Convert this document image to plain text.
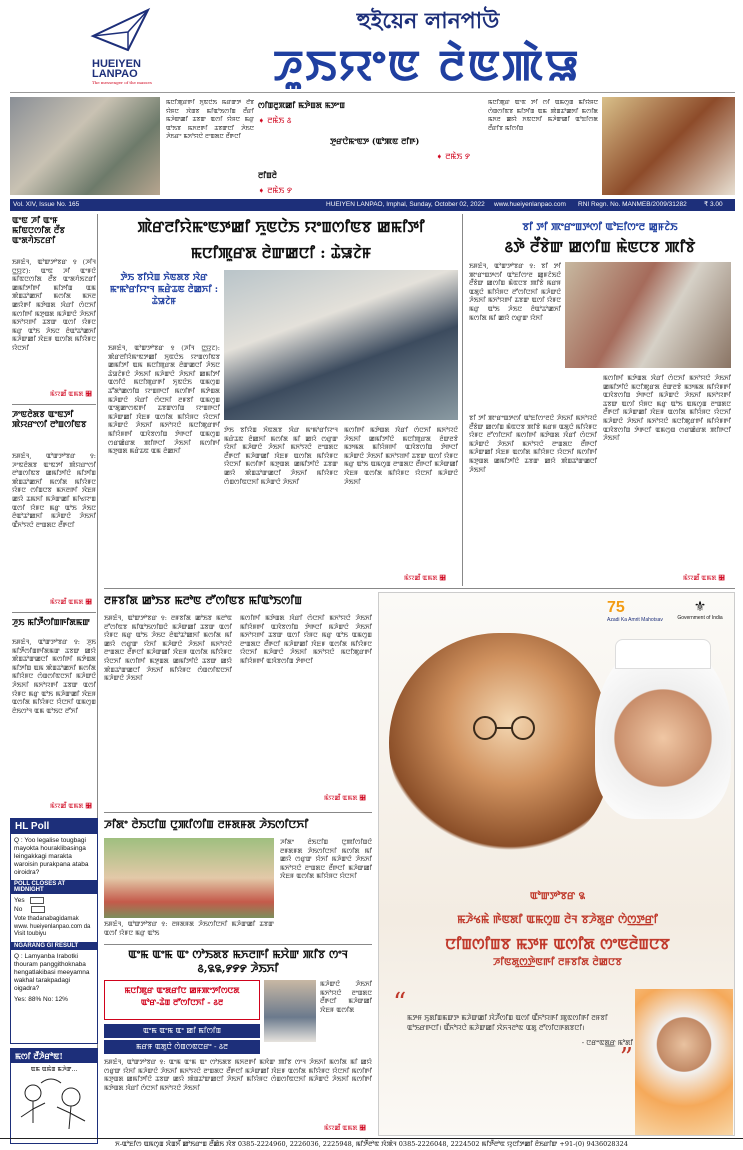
HUEIYEN
LANPAO
The messenger of the masses
হুইয়েন লানপাউ
ꯍꯨꯏꯌꯦꯟ ꯂꯥꯟꯄꯥꯎ
ꯃꯅꯤꯄꯨꯔꯒꯤ ꯈꯨꯟꯅꯥꯏ ꯃꯔꯛꯇ ꯂꯩꯕ ꯌꯥꯝꯅ ꯋꯥꯡꯕ ꯃꯤꯑꯣꯏꯁꯤꯡ ꯂꯩꯔꯤ ꯃꯍꯥꯛꯀꯤ ꯊꯕꯛ ꯑꯁꯤ ꯌꯥꯝꯅ ꯃꯔꯨ ꯑꯣꯏꯕ ꯃꯈꯂꯒꯤ ꯊꯕꯛꯅꯤ ꯍꯥꯏꯅ ꯍꯥꯏꯔꯦ ꯃꯈꯣꯌꯅꯥ ꯂꯦꯡꯗꯅ ꯂꯩꯒꯅꯤ
ꯁꯤꯡꯂꯨꯞꯀꯤ ꯃꯇꯥꯡꯗ ꯃꯇꯦꯡ
➧ ꯂꯃꯥꯏ ꯴
ꯇꯨꯔꯅꯥꯃꯦꯟꯇ (ꯑꯣꯄꯟ ꯂꯤꯒ)
➧ ꯂꯃꯥꯏ ꯸
ꯂꯤꯡꯂꯥ
➧ ꯂꯃꯥꯏ ꯸
ꯃꯅꯤꯄꯨꯔ ꯑꯦꯟ ꯇꯤ ꯁꯤ ꯑꯃꯁꯨꯡ ꯃꯤꯌꯥꯝꯅ ꯁꯥꯡꯁꯤꯟꯕ ꯃꯤꯇꯤꯡ ꯑꯃ ꯄꯥꯡꯊꯣꯀꯈꯤ ꯃꯁꯤꯗ ꯃꯈꯂ ꯀꯌꯥ ꯈꯟꯅꯈꯤ ꯃꯍꯥꯛꯀꯤ ꯑꯣꯐꯤꯁꯗ ꯂꯩꯔꯤꯕ ꯃꯤꯁꯤꯡ
Vol. XIV, Issue No. 165	HUEIYEN LANPAO, Imphal, Sunday, October 02, 2022 www.hueiyenlanpao.com RNI Regn. No. MANMEB/2009/31282	₹ 3.00
ꯑꯦꯟ ꯍꯤ ꯑꯦꯝ ꯃꯤꯟꯅꯁꯤꯗ ꯂꯩꯕ ꯑꯦꯗꯚꯥꯏꯖꯔꯤ
ꯏꯝꯐꯥꯜ, ꯑꯣꯛꯇꯣꯕꯔ ꯱ (ꯍꯤꯜ ꯅ꯭ꯌꯨꯖ): ꯑꯦꯟ ꯍꯤ ꯑꯦꯝꯅꯥ ꯃꯤꯟꯅꯁꯤꯗ ꯂꯩꯕ ꯑꯦꯗꯚꯥꯏꯖꯔꯤ ꯀꯃꯤꯇꯤꯒꯤ ꯃꯤꯇꯤꯡ ꯑꯃ ꯄꯥꯡꯊꯣꯀꯈꯤ ꯃꯁꯤꯗ ꯃꯈꯂ ꯀꯌꯥꯒꯤ ꯃꯇꯥꯡꯗ ꯋꯥꯔꯤ ꯁꯥꯅꯈꯤ ꯃꯁꯤꯒꯤ ꯃꯇꯨꯡꯗ ꯃꯍꯥꯛꯅꯥ ꯍꯥꯏꯈꯤ ꯃꯈꯣꯌꯒꯤ ꯊꯕꯛ ꯑꯁꯤ ꯌꯥꯝꯅ ꯃꯔꯨ ꯑꯣꯏ ꯍꯥꯏꯅ ꯂꯥꯑꯣꯊꯣꯀꯈꯤ ꯃꯍꯥꯛꯀꯤ ꯋꯥꯐꯝ ꯑꯁꯤꯗ ꯃꯤꯌꯥꯝꯅ ꯌꯥꯅꯈꯤ
ꯃꯥꯌꯀꯩ ꯑꯃꯗ ꯼
ꯍꯦꯟꯂꯥꯗꯕ ꯑꯦꯟꯇꯤ ꯄꯥꯌꯔꯦꯁꯤ ꯂꯣꯡꯁꯤꯟꯕ
ꯏꯝꯐꯥꯜ, ꯑꯣꯛꯇꯣꯕꯔ ꯱: ꯍꯦꯟꯂꯥꯗꯕ ꯑꯦꯟꯇꯤ ꯄꯥꯌꯔꯦꯁꯤ ꯂꯣꯡꯁꯤꯟꯕ ꯀꯃꯤꯇꯤꯅꯥ ꯃꯤꯇꯤꯡ ꯄꯥꯡꯊꯣꯀꯈꯤ ꯃꯁꯤꯗ ꯃꯤꯌꯥꯝꯅ ꯌꯥꯝꯅ ꯁꯤꯡꯅꯕ ꯃꯈꯂꯒꯤ ꯋꯥꯐꯝ ꯀꯌꯥ ꯊꯃꯈꯤ ꯃꯍꯥꯛꯀꯤ ꯃꯤꯠꯌꯦꯡ ꯑꯁꯤ ꯌꯥꯝꯅ ꯃꯔꯨ ꯑꯣꯏ ꯍꯥꯏꯅ ꯂꯥꯑꯣꯊꯣꯀꯈꯤ ꯃꯍꯥꯛꯅꯥ ꯍꯥꯏꯈꯤ ꯑꯩꯈꯣꯌꯅꯥ ꯂꯦꯡꯗꯅ ꯂꯩꯒꯅꯤ
ꯃꯥꯌꯀꯩ ꯑꯃꯗ ꯼
ꯍꯨꯏ ꯃꯤꯇꯩꯁꯤꯡꯒꯤꯗꯃꯛ
ꯏꯝꯐꯥꯜ, ꯑꯣꯛꯇꯣꯕꯔ ꯱: ꯍꯨꯏ ꯃꯤꯇꯩꯁꯤꯡꯒꯤꯗꯃꯛ ꯊꯕꯛ ꯀꯌꯥ ꯄꯥꯡꯊꯣꯛꯀꯅꯤ ꯃꯁꯤꯒꯤ ꯃꯇꯥꯡꯗ ꯃꯤꯇꯤꯡ ꯑꯃ ꯄꯥꯡꯊꯣꯀꯈꯤ ꯃꯁꯤꯗ ꯃꯤꯌꯥꯝꯅ ꯁꯥꯡꯁꯤꯟꯅꯈꯤ ꯃꯍꯥꯛꯅꯥ ꯍꯥꯏꯈꯤ ꯃꯈꯣꯌꯒꯤ ꯊꯕꯛ ꯑꯁꯤ ꯌꯥꯝꯅ ꯃꯔꯨ ꯑꯣꯏ ꯃꯍꯥꯛꯀꯤ ꯋꯥꯐꯝ ꯑꯁꯤꯗ ꯃꯤꯌꯥꯝꯅ ꯌꯥꯅꯈꯤ ꯑꯃꯁꯨꯡ ꯂꯥꯏꯁꯣꯜ ꯑꯃ ꯑꯣꯏꯅ ꯂꯧꯈꯤ
ꯃꯥꯌꯀꯩ ꯑꯃꯗ ꯼
HL Poll
Q : Yoo legalise tougbagi mayokta houraklibasinga leingakkagi marakta waroisin purakpana ataba oiroidra?
POLL CLOSES AT MIDNIGHT
Yes
No
Vote thadanabagidamak www. hueiyenlanpao.com da Visit toubiyu
NGARANG GI RESULT
Q : Lamyanba Irabotki thouram panggithoknaba hengatlakibasi meeyamna wakhal tarakpadagi oigadra?
Yes: 88% No: 12%
ꯃꯁꯤ ꯂꯩꯍꯥꯔꯣꯟ!
ꯑꯃ ꯑꯃꯥꯡ ꯃꯍꯥꯛ...
ꯄꯥꯔꯂꯤꯌꯥꯃꯦꯟꯇꯀꯤ ꯈꯨꯟꯅꯥꯏ ꯌꯦꯡꯁꯤꯟꯕ ꯀꯃꯤꯇꯤ
ꯃꯅꯤꯄꯨꯔꯗ ꯂꯥꯛꯀꯅꯤ : ꯊꯥꯎꯖꯥꯝ
ꯇꯥꯏ ꯕꯤꯌꯥꯡ ꯈꯥꯟꯗꯕ ꯋꯥꯔ ꯃꯦꯃꯣꯔꯤꯌꯦꯜ ꯃꯔꯥꯊꯟ ꯂꯥꯀꯈꯤ : ꯊꯥꯎꯖꯥꯝ
ꯏꯝꯐꯥꯜ, ꯑꯣꯛꯇꯣꯕꯔ ꯱ (ꯍꯤꯜ ꯅ꯭ꯌꯨꯖ): ꯄꯥꯔꯂꯤꯌꯥꯃꯦꯟꯇꯀꯤ ꯈꯨꯟꯅꯥꯏ ꯌꯦꯡꯁꯤꯟꯕ ꯀꯃꯤꯇꯤ ꯑꯃ ꯃꯅꯤꯄꯨꯔꯗ ꯂꯥꯛꯀꯅꯤ ꯍꯥꯏꯅ ꯊꯥꯎꯖꯥꯝꯅꯥ ꯍꯥꯏꯈꯤ ꯃꯍꯥꯛꯅꯥ ꯍꯥꯏꯈꯤ ꯀꯃꯤꯇꯤ ꯑꯁꯤꯅꯥ ꯃꯅꯤꯄꯨꯔꯒꯤ ꯈꯨꯟꯅꯥꯏ ꯑꯃꯁꯨꯡ ꯊꯧꯗꯣꯀꯁꯤꯡ ꯌꯦꯡꯒꯅꯤ ꯃꯁꯤꯒꯤ ꯃꯇꯥꯡꯗ ꯃꯍꯥꯛꯅꯥ ꯋꯥꯔꯤ ꯁꯥꯅꯈꯤ ꯂꯝꯕꯤ ꯑꯃꯁꯨꯡ ꯑꯦꯗꯨꯀꯦꯁꯟꯒꯤ ꯊꯕꯛꯁꯤꯡ ꯌꯦꯡꯒꯅꯤ ꯃꯍꯥꯛꯀꯤ ꯋꯥꯐꯝ ꯑꯁꯤꯗ ꯃꯤꯌꯥꯝꯅ ꯌꯥꯅꯈꯤ ꯃꯍꯥꯛꯅꯥ ꯍꯥꯏꯈꯤ ꯃꯈꯣꯌꯅꯥ ꯃꯅꯤꯄꯨꯔꯒꯤ ꯃꯤꯌꯥꯝꯒꯤ ꯑꯋꯥꯕꯁꯤꯡ ꯇꯥꯒꯅꯤ ꯑꯃꯁꯨꯡ ꯁꯔꯀꯥꯔꯗ ꯄꯤꯒꯅꯤ ꯍꯥꯏꯈꯤ ꯃꯁꯤꯒꯤ ꯃꯇꯨꯡꯗ ꯃꯔꯥꯊꯟ ꯑꯃ ꯂꯥꯀꯈꯤ
ꯇꯥꯏ ꯕꯤꯌꯥꯡ ꯈꯥꯟꯗꯕ ꯋꯥꯔ ꯃꯦꯃꯣꯔꯤꯌꯦꯜ ꯃꯔꯥꯊꯟ ꯂꯥꯀꯈꯤ ꯃꯁꯤꯗ ꯃꯤ ꯀꯌꯥ ꯁꯔꯨꯛ ꯌꯥꯈꯤ ꯃꯍꯥꯛꯅꯥ ꯍꯥꯏꯈꯤ ꯃꯈꯣꯌꯅꯥ ꯂꯦꯡꯗꯅ ꯂꯩꯒꯅꯤ ꯃꯍꯥꯛꯀꯤ ꯋꯥꯐꯝ ꯑꯁꯤꯗ ꯃꯤꯌꯥꯝꯅ ꯌꯥꯅꯈꯤ ꯃꯁꯤꯒꯤ ꯃꯇꯨꯡꯗ ꯀꯃꯤꯇꯤꯅꯥ ꯊꯕꯛ ꯀꯌꯥ ꯄꯥꯡꯊꯣꯛꯀꯅꯤ ꯍꯥꯏꯈꯤ ꯃꯤꯌꯥꯝꯅ ꯁꯥꯡꯁꯤꯟꯅꯈꯤ ꯃꯍꯥꯛꯅꯥ ꯍꯥꯏꯈꯤ
ꯃꯁꯤꯒꯤ ꯃꯇꯥꯡꯗ ꯋꯥꯔꯤ ꯁꯥꯅꯈꯤ ꯃꯈꯣꯌꯅꯥ ꯍꯥꯏꯈꯤ ꯀꯃꯤꯇꯤꯅꯥ ꯃꯅꯤꯄꯨꯔꯗ ꯂꯥꯛꯂꯕꯥ ꯃꯇꯃꯗ ꯃꯤꯌꯥꯝꯒꯤ ꯑꯋꯥꯕꯁꯤꯡ ꯇꯥꯒꯅꯤ ꯃꯍꯥꯛꯅꯥ ꯍꯥꯏꯈꯤ ꯃꯈꯣꯌꯒꯤ ꯊꯕꯛ ꯑꯁꯤ ꯌꯥꯝꯅ ꯃꯔꯨ ꯑꯣꯏ ꯑꯃꯁꯨꯡ ꯂꯦꯡꯗꯅ ꯂꯩꯒꯅꯤ ꯃꯍꯥꯛꯀꯤ ꯋꯥꯐꯝ ꯑꯁꯤꯗ ꯃꯤꯌꯥꯝꯅ ꯌꯥꯅꯈꯤ ꯃꯍꯥꯛꯅꯥ ꯍꯥꯏꯈꯤ
ꯃꯥꯌꯀꯩ ꯑꯃꯗ ꯼
ꯕꯤ ꯇꯤ ꯄꯦꯔꯦꯡꯇꯁꯤ ꯑꯣꯐꯤꯁꯦꯂ ꯀꯨꯝꯖꯥꯏ
꯴ꯇꯥ ꯂꯩꯕꯥꯛ ꯀꯁꯤꯡ ꯃꯥꯟꯅꯕ ꯄꯤꯕꯥ
ꯏꯝꯐꯥꯜ, ꯑꯣꯛꯇꯣꯕꯔ ꯱: ꯕꯤ ꯇꯤ ꯄꯦꯔꯦꯡꯇꯁꯤ ꯑꯣꯐꯤꯁꯦꯂ ꯀꯨꯝꯖꯥꯏꯅꯥ ꯂꯩꯕꯥꯛ ꯀꯁꯤꯡ ꯃꯥꯟꯅꯕ ꯄꯤꯕꯥ ꯃꯔꯝ ꯑꯗꯨꯅꯥ ꯃꯤꯌꯥꯝꯅ ꯂꯧꯁꯤꯅꯈꯤ ꯃꯍꯥꯛꯅꯥ ꯍꯥꯏꯈꯤ ꯃꯈꯣꯌꯒꯤ ꯊꯕꯛ ꯑꯁꯤ ꯌꯥꯝꯅ ꯃꯔꯨ ꯑꯣꯏ ꯍꯥꯏꯅ ꯂꯥꯑꯣꯊꯣꯀꯈꯤ ꯃꯁꯤꯗ ꯃꯤ ꯀꯌꯥ ꯁꯔꯨꯛ ꯌꯥꯈꯤ
ꯕꯤ ꯇꯤ ꯄꯦꯔꯦꯡꯇꯁꯤ ꯑꯣꯐꯤꯁꯦꯂꯅꯥ ꯍꯥꯏꯈꯤ ꯃꯈꯣꯌꯅꯥ ꯂꯩꯕꯥꯛ ꯀꯁꯤꯡ ꯃꯥꯟꯅꯕ ꯄꯤꯕꯥ ꯃꯔꯝ ꯑꯗꯨꯅꯥ ꯃꯤꯌꯥꯝꯅ ꯌꯥꯝꯅ ꯂꯧꯁꯤꯅꯈꯤ ꯃꯁꯤꯒꯤ ꯃꯇꯥꯡꯗ ꯋꯥꯔꯤ ꯁꯥꯅꯈꯤ ꯃꯍꯥꯛꯅꯥ ꯍꯥꯏꯈꯤ ꯃꯈꯣꯌꯅꯥ ꯂꯦꯡꯗꯅ ꯂꯩꯒꯅꯤ ꯃꯍꯥꯛꯀꯤ ꯋꯥꯐꯝ ꯑꯁꯤꯗ ꯃꯤꯌꯥꯝꯅ ꯌꯥꯅꯈꯤ ꯃꯁꯤꯒꯤ ꯃꯇꯨꯡꯗ ꯀꯃꯤꯇꯤꯅꯥ ꯊꯕꯛ ꯀꯌꯥ ꯄꯥꯡꯊꯣꯛꯀꯅꯤ ꯍꯥꯏꯈꯤ
ꯃꯁꯤꯒꯤ ꯃꯇꯥꯡꯗ ꯋꯥꯔꯤ ꯁꯥꯅꯈꯤ ꯃꯈꯣꯌꯅꯥ ꯍꯥꯏꯈꯤ ꯀꯃꯤꯇꯤꯅꯥ ꯃꯅꯤꯄꯨꯔꯗ ꯂꯥꯛꯂꯕꯥ ꯃꯇꯃꯗ ꯃꯤꯌꯥꯝꯒꯤ ꯑꯋꯥꯕꯁꯤꯡ ꯇꯥꯒꯅꯤ ꯃꯍꯥꯛꯅꯥ ꯍꯥꯏꯈꯤ ꯃꯈꯣꯌꯒꯤ ꯊꯕꯛ ꯑꯁꯤ ꯌꯥꯝꯅ ꯃꯔꯨ ꯑꯣꯏ ꯑꯃꯁꯨꯡ ꯂꯦꯡꯗꯅ ꯂꯩꯒꯅꯤ ꯃꯍꯥꯛꯀꯤ ꯋꯥꯐꯝ ꯑꯁꯤꯗ ꯃꯤꯌꯥꯝꯅ ꯌꯥꯅꯈꯤ ꯃꯍꯥꯛꯅꯥ ꯍꯥꯏꯈꯤ ꯃꯈꯣꯌꯅꯥ ꯃꯅꯤꯄꯨꯔꯒꯤ ꯃꯤꯌꯥꯝꯒꯤ ꯑꯋꯥꯕꯁꯤꯡ ꯇꯥꯒꯅꯤ ꯑꯃꯁꯨꯡ ꯁꯔꯀꯥꯔꯗ ꯄꯤꯒꯅꯤ ꯍꯥꯏꯈꯤ
ꯃꯥꯌꯀꯩ ꯑꯃꯗ ꯼
ꯂꯝꯕꯤꯗ ꯀꯣꯏꯕ ꯃꯂꯣꯟ ꯂꯧꯁꯤꯟꯕ ꯃꯤꯑꯣꯏꯁꯤꯡ
ꯏꯝꯐꯥꯜ, ꯑꯣꯛꯇꯣꯕꯔ ꯱: ꯂꯝꯕꯤꯗ ꯀꯣꯏꯕ ꯃꯂꯣꯟ ꯂꯧꯁꯤꯟꯕ ꯃꯤꯑꯣꯏꯁꯤꯡꯅꯥ ꯃꯍꯥꯛꯀꯤ ꯊꯕꯛ ꯑꯁꯤ ꯌꯥꯝꯅ ꯃꯔꯨ ꯑꯣꯏ ꯍꯥꯏꯅ ꯂꯥꯑꯣꯊꯣꯀꯈꯤ ꯃꯁꯤꯗ ꯃꯤ ꯀꯌꯥ ꯁꯔꯨꯛ ꯌꯥꯈꯤ ꯃꯍꯥꯛꯅꯥ ꯍꯥꯏꯈꯤ ꯃꯈꯣꯌꯅꯥ ꯂꯦꯡꯗꯅ ꯂꯩꯒꯅꯤ ꯃꯍꯥꯛꯀꯤ ꯋꯥꯐꯝ ꯑꯁꯤꯗ ꯃꯤꯌꯥꯝꯅ ꯌꯥꯅꯈꯤ ꯃꯁꯤꯒꯤ ꯃꯇꯨꯡꯗ ꯀꯃꯤꯇꯤꯅꯥ ꯊꯕꯛ ꯀꯌꯥ ꯄꯥꯡꯊꯣꯛꯀꯅꯤ ꯍꯥꯏꯈꯤ ꯃꯤꯌꯥꯝꯅ ꯁꯥꯡꯁꯤꯟꯅꯈꯤ ꯃꯍꯥꯛꯅꯥ ꯍꯥꯏꯈꯤ
ꯃꯁꯤꯒꯤ ꯃꯇꯥꯡꯗ ꯋꯥꯔꯤ ꯁꯥꯅꯈꯤ ꯃꯈꯣꯌꯅꯥ ꯍꯥꯏꯈꯤ ꯃꯤꯌꯥꯝꯒꯤ ꯑꯋꯥꯕꯁꯤꯡ ꯇꯥꯒꯅꯤ ꯃꯍꯥꯛꯅꯥ ꯍꯥꯏꯈꯤ ꯃꯈꯣꯌꯒꯤ ꯊꯕꯛ ꯑꯁꯤ ꯌꯥꯝꯅ ꯃꯔꯨ ꯑꯣꯏ ꯑꯃꯁꯨꯡ ꯂꯦꯡꯗꯅ ꯂꯩꯒꯅꯤ ꯃꯍꯥꯛꯀꯤ ꯋꯥꯐꯝ ꯑꯁꯤꯗ ꯃꯤꯌꯥꯝꯅ ꯌꯥꯅꯈꯤ ꯃꯍꯥꯛꯅꯥ ꯍꯥꯏꯈꯤ ꯃꯈꯣꯌꯅꯥ ꯃꯅꯤꯄꯨꯔꯒꯤ ꯃꯤꯌꯥꯝꯒꯤ ꯑꯋꯥꯕꯁꯤꯡ ꯇꯥꯒꯅꯤ
ꯃꯥꯌꯀꯩ ꯑꯃꯗ ꯼
ꯍꯤꯗꯦ ꯂꯥꯏꯅꯤꯡ ꯅꯨꯄꯤꯁꯤꯡ ꯂꯝꯗꯝꯗ ꯍꯥꯏꯁꯤꯅꯈꯤ
ꯍꯤꯗꯦ ꯂꯥꯏꯅꯤꯡ ꯅꯨꯄꯤꯁꯤꯡꯅꯥ ꯂꯝꯗꯝꯗ ꯍꯥꯏꯁꯤꯅꯈꯤ ꯃꯁꯤꯗ ꯃꯤ ꯀꯌꯥ ꯁꯔꯨꯛ ꯌꯥꯈꯤ ꯃꯍꯥꯛꯅꯥ ꯍꯥꯏꯈꯤ ꯃꯈꯣꯌꯅꯥ ꯂꯦꯡꯗꯅ ꯂꯩꯒꯅꯤ ꯃꯍꯥꯛꯀꯤ ꯋꯥꯐꯝ ꯑꯁꯤꯗ ꯃꯤꯌꯥꯝꯅ ꯌꯥꯅꯈꯤ
ꯏꯝꯐꯥꯜ, ꯑꯣꯛꯇꯣꯕꯔ ꯱: ꯂꯝꯗꯝꯗ ꯍꯥꯏꯁꯤꯅꯈꯤ ꯃꯍꯥꯛꯀꯤ ꯊꯕꯛ ꯑꯁꯤ ꯌꯥꯝꯅ ꯃꯔꯨ ꯑꯣꯏ
ꯑꯦꯃ ꯑꯦꯃ ꯑꯦ ꯁꯣꯏꯗꯕ ꯃꯈꯂꯒꯤ ꯃꯆꯥꯛ ꯄꯤꯕ ꯁꯦꯜ ꯴,꯲꯲,꯸꯸꯸ ꯍꯥꯏꯈꯤ
ꯃꯅꯤꯄꯨꯔ ꯑꯦꯗꯔꯤꯅ ꯀꯝꯄꯦꯇꯤꯁꯅꯗ
ꯑꯣꯔ-ꯊꯥꯡ ꯂꯧꯁꯤꯅꯈꯤ - ꯴ꯂ
ꯑꯦꯃ ꯑꯦꯃ ꯑꯦ ꯀꯤ ꯃꯤꯁꯤꯡ
ꯃꯔꯝ ꯑꯗꯨꯅꯥ ꯁꯥꯡꯁꯟꯅꯔꯦ - ꯴ꯂ
ꯃꯍꯥꯛꯅꯥ ꯍꯥꯏꯈꯤ ꯃꯈꯣꯌꯅꯥ ꯂꯦꯡꯗꯅ ꯂꯩꯒꯅꯤ ꯃꯍꯥꯛꯀꯤ ꯋꯥꯐꯝ ꯑꯁꯤꯗ
ꯏꯝꯐꯥꯜ, ꯑꯣꯛꯇꯣꯕꯔ ꯱: ꯑꯦꯃ ꯑꯦꯃ ꯑꯦ ꯁꯣꯏꯗꯕ ꯃꯈꯂꯒꯤ ꯃꯆꯥꯛ ꯄꯤꯕ ꯁꯦꯜ ꯍꯥꯏꯈꯤ ꯃꯁꯤꯗ ꯃꯤ ꯀꯌꯥ ꯁꯔꯨꯛ ꯌꯥꯈꯤ ꯃꯍꯥꯛꯅꯥ ꯍꯥꯏꯈꯤ ꯃꯈꯣꯌꯅꯥ ꯂꯦꯡꯗꯅ ꯂꯩꯒꯅꯤ ꯃꯍꯥꯛꯀꯤ ꯋꯥꯐꯝ ꯑꯁꯤꯗ ꯃꯤꯌꯥꯝꯅ ꯌꯥꯅꯈꯤ ꯃꯁꯤꯒꯤ ꯃꯇꯨꯡꯗ ꯀꯃꯤꯇꯤꯅꯥ ꯊꯕꯛ ꯀꯌꯥ ꯄꯥꯡꯊꯣꯛꯀꯅꯤ ꯍꯥꯏꯈꯤ ꯃꯤꯌꯥꯝꯅ ꯁꯥꯡꯁꯤꯟꯅꯈꯤ ꯃꯍꯥꯛꯅꯥ ꯍꯥꯏꯈꯤ ꯃꯁꯤꯒꯤ ꯃꯇꯥꯡꯗ ꯋꯥꯔꯤ ꯁꯥꯅꯈꯤ ꯃꯈꯣꯌꯅꯥ ꯍꯥꯏꯈꯤ
ꯃꯥꯌꯀꯩ ꯑꯃꯗ ꯼
75
Azadi Ka Amrit Mahotsav
⚜
Government of India
ꯑꯣꯛꯇꯣꯕꯔ ꯲
ꯃꯍꯥꯠꯃꯥ ꯒꯥꯟꯗꯤ ꯑꯃꯁꯨꯡ ꯂꯥꯜ ꯕꯍꯥꯗꯨꯔ ꯁꯥꯁ꯭ꯇ꯭ꯔꯤ
ꯅꯤꯡꯁꯤꯡꯕ ꯃꯇꯝ ꯑꯁꯤꯗ ꯁꯦꯟꯂꯥꯡꯅꯕ
ꯍꯤꯟꯗꯨꯁ꯭ꯇꯥꯟꯒꯤ ꯂꯝꯕꯤꯗ ꯂꯥꯀꯅꯕ
“ ꯃꯇꯝ ꯈꯨꯗꯤꯡꯃꯛꯇ ꯃꯍꯥꯛꯀꯤ ꯋꯥꯍꯩꯁꯤꯡ ꯑꯁꯤ ꯑꯩꯈꯣꯌꯒꯤ ꯄꯨꯟꯁꯤꯒꯤ ꯂꯝꯕꯤ ꯑꯣꯏꯔꯒꯅꯤ। ꯑꯩꯈꯣꯌꯅꯥ ꯃꯍꯥꯛꯀꯤ ꯋꯥꯈꯜꯂꯣꯟ ꯑꯗꯨ ꯂꯧꯁꯤꯅꯒꯗꯕꯅꯤ।
- ꯅꯔꯦꯟꯗ꯭ꯔ ꯃꯣꯗꯤ
”
ꯈ-ꯑꯣꯐꯤꯁ ꯑꯃꯁꯨꯡ ꯋꯥꯡꯈꯩ ꯀꯣꯏꯔꯦꯡ ꯂꯩꯀꯥꯏ ꯋꯥꯕ 0385-2224960, 2226036, 2225948, ꯃꯤꯇꯩꯂꯣꯟ ꯋꯥꯄꯥꯜ 0385-2226048, 2224502 ꯃꯤꯇꯩꯂꯣꯟ ꯌꯨꯅꯤꯇꯀꯤ ꯂꯥꯏꯔꯤꯛ +91-(0) 9436028324
